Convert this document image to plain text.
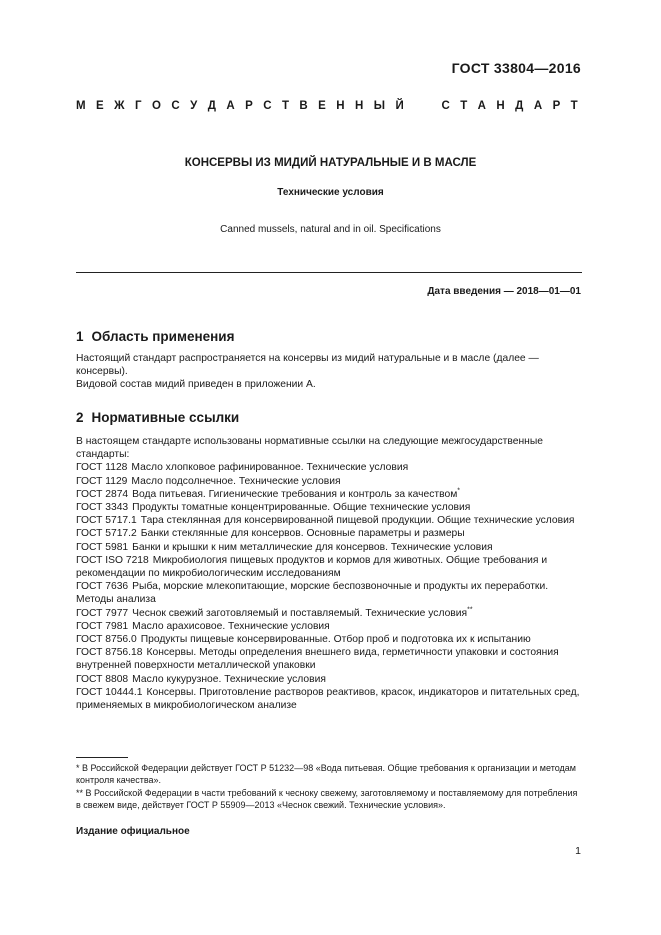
ГОСТ 33804—2016
М Е Ж Г О С У Д А Р С Т В Е Н Н Ы Й

	С Т А Н Д А Р Т
КОНСЕРВЫ ИЗ МИДИЙ НАТУРАЛЬНЫЕ И В МАСЛЕ
Технические условия
Canned mussels, natural and in oil. Specifications
Дата введения — 2018—01—01
1 Область применения

Настоящий стандарт распространяется на консервы из мидий натуральные и в масле (далее — консервы).

Видовой состав мидий приведен в приложении А.

2 Нормативные ссылки

В настоящем стандарте использованы нормативные ссылки на следующие межгосударственные стандарты:

ГОСТ 1128 Масло хлопковое рафинированное. Технические условия

ГОСТ 1129 Масло подсолнечное. Технические условия

ГОСТ 2874 Вода питьевая. Гигиенические требования и контроль за качеством*

ГОСТ 3343 Продукты томатные концентрированные. Общие технические условия

ГОСТ 5717.1 Тара стеклянная для консервированной пищевой продукции. Общие технические условия

ГОСТ 5717.2 Банки стеклянные для консервов. Основные параметры и размеры

ГОСТ 5981 Банки и крышки к ним металлические для консервов. Технические условия

ГОСТ ISO 7218 Микробиология пищевых продуктов и кормов для животных. Общие требования и рекомендации по микробиологическим исследованиям

ГОСТ 7636 Рыба, морские млекопитающие, морские беспозвоночные и продукты их переработки. Методы анализа

ГОСТ 7977 Чеснок свежий заготовляемый и поставляемый. Технические условия**

ГОСТ 7981 Масло арахисовое. Технические условия

ГОСТ 8756.0 Продукты пищевые консервированные. Отбор проб и подготовка их к испытанию

ГОСТ 8756.18 Консервы. Методы определения внешнего вида, герметичности упаковки и состояния внутренней поверхности металлической упаковки

ГОСТ 8808 Масло кукурузное. Технические условия

ГОСТ 10444.1 Консервы. Приготовление растворов реактивов, красок, индикаторов и питательных сред, применяемых в микробиологическом анализе

* В Российской Федерации действует ГОСТ Р 51232—98 «Вода питьевая. Общие требования к организации и методам контроля качества».

** В Российской Федерации в части требований к чесноку свежему, заготовляемому и поставляемому для потребления в свежем виде, действует ГОСТ Р 55909—2013 «Чеснок свежий. Технические условия».

Издание официальное
1
